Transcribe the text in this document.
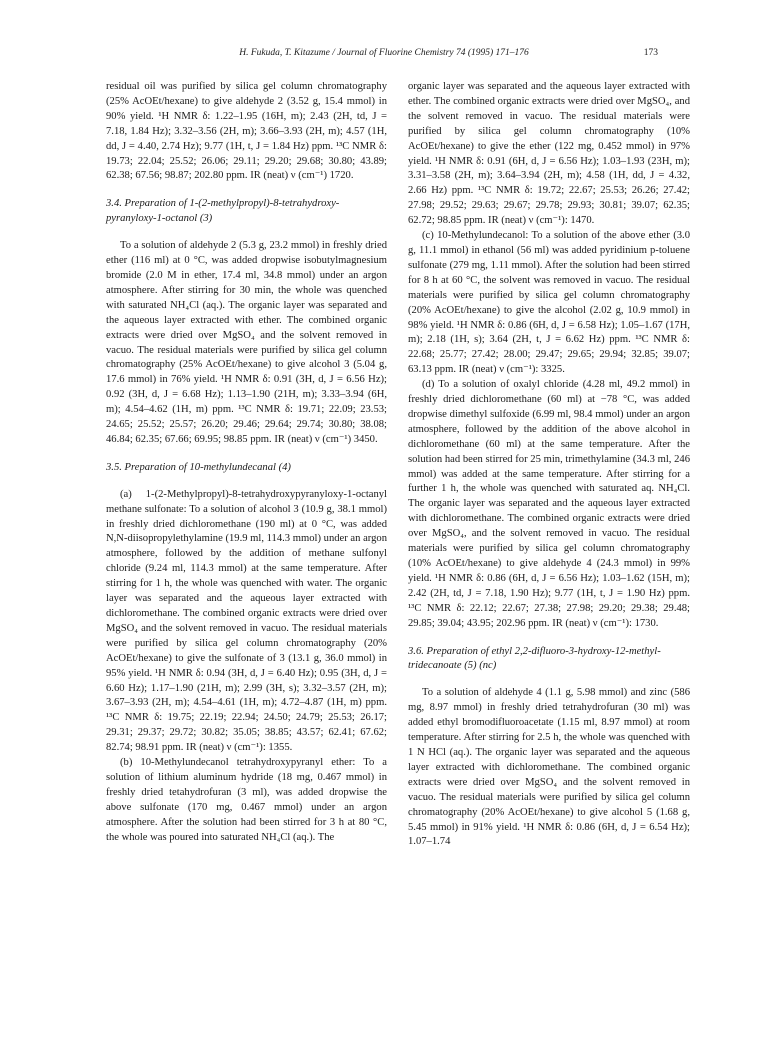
H. Fukuda, T. Kitazume / Journal of Fluorine Chemistry 74 (1995) 171–176	173

residual oil was purified by silica gel column chromatography (25% AcOEt/hexane) to give aldehyde 2 (3.52 g, 15.4 mmol) in 90% yield. ¹H NMR δ: 1.22–1.95 (16H, m); 2.43 (2H, td, J = 7.18, 1.84 Hz); 3.32–3.56 (2H, m); 3.66–3.93 (2H, m); 4.57 (1H, dd, J = 4.40, 2.74 Hz); 9.77 (1H, t, J = 1.84 Hz) ppm. ¹³C NMR δ: 19.73; 22.04; 25.52; 26.06; 29.11; 29.20; 29.68; 30.80; 43.89; 62.38; 67.56; 98.87; 202.80 ppm. IR (neat) ν (cm⁻¹) 1720.

3.4. Preparation of 1-(2-methylpropyl)-8-tetrahydroxy-pyranyloxy-1-octanol (3)

To a solution of aldehyde 2 (5.3 g, 23.2 mmol) in freshly dried ether (116 ml) at 0 °C, was added dropwise isobutylmagnesium bromide (2.0 M in ether, 17.4 ml, 34.8 mmol) under an argon atmosphere. After stirring for 30 min, the whole was quenched with saturated NH₄Cl (aq.). The organic layer was separated and the aqueous layer extracted with ether. The combined organic extracts were dried over MgSO₄ and the solvent removed in vacuo. The residual materials were purified by silica gel column chromatography (25% AcOEt/hexane) to give alcohol 3 (5.04 g, 17.6 mmol) in 76% yield. ¹H NMR δ: 0.91 (3H, d, J = 6.56 Hz); 0.92 (3H, d, J = 6.68 Hz); 1.13–1.90 (21H, m); 3.33–3.94 (6H, m); 4.54–4.62 (1H, m) ppm. ¹³C NMR δ: 19.71; 22.09; 23.53; 24.65; 25.52; 25.57; 26.20; 29.46; 29.64; 29.74; 30.80; 38.08; 46.84; 62.35; 67.66; 69.95; 98.85 ppm. IR (neat) ν (cm⁻¹) 3450.

3.5. Preparation of 10-methylundecanal (4)

(a) 1-(2-Methylpropyl)-8-tetrahydroxypyranyloxy-1-octanyl methane sulfonate: To a solution of alcohol 3 (10.9 g, 38.1 mmol) in freshly dried dichloromethane (190 ml) at 0 °C, was added N,N-diisopropylethylamine (19.9 ml, 114.3 mmol) under an argon atmosphere, followed by the addition of methane sulfonyl chloride (9.24 ml, 114.3 mmol) at the same temperature. After stirring for 1 h, the whole was quenched with water. The organic layer was separated and the aqueous layer extracted with dichloromethane. The combined organic extracts were dried over MgSO₄ and the solvent removed in vacuo. The residual materials were purified by silica gel column chromatography (20% AcOEt/hexane) to give the sulfonate of 3 (13.1 g, 36.0 mmol) in 95% yield. ¹H NMR δ: 0.94 (3H, d, J = 6.40 Hz); 0.95 (3H, d, J = 6.60 Hz); 1.17–1.90 (21H, m); 2.99 (3H, s); 3.32–3.57 (2H, m); 3.67–3.93 (2H, m); 4.54–4.61 (1H, m); 4.72–4.87 (1H, m) ppm. ¹³C NMR δ: 19.75; 22.19; 22.94; 24.50; 24.79; 25.53; 26.17; 29.31; 29.37; 29.72; 30.82; 35.05; 38.85; 43.57; 62.41; 67.62; 82.74; 98.91 ppm. IR (neat) ν (cm⁻¹): 1355.

(b) 10-Methylundecanol tetrahydroxypyranyl ether: To a solution of lithium aluminum hydride (18 mg, 0.467 mmol) in freshly dried tetahydrofuran (3 ml), was added dropwise the above sulfonate (170 mg, 0.467 mmol) under an argon atmosphere. After the solution had been stirred for 3 h at 80 °C, the whole was poured into saturated NH₄Cl (aq.). The

organic layer was separated and the aqueous layer extracted with ether. The combined organic extracts were dried over MgSO₄, and the solvent removed in vacuo. The residual materials were purified by silica gel column chromatography (10% AcOEt/hexane) to give the ether (122 mg, 0.452 mmol) in 97% yield. ¹H NMR δ: 0.91 (6H, d, J = 6.56 Hz); 1.03–1.93 (23H, m); 3.31–3.58 (2H, m); 3.64–3.94 (2H, m); 4.58 (1H, dd, J = 4.32, 2.66 Hz) ppm. ¹³C NMR δ: 19.72; 22.67; 25.53; 26.26; 27.42; 27.98; 29.52; 29.63; 29.67; 29.78; 29.93; 30.81; 39.07; 62.35; 62.72; 98.85 ppm. IR (neat) ν (cm⁻¹): 1470.

(c) 10-Methylundecanol: To a solution of the above ether (3.0 g, 11.1 mmol) in ethanol (56 ml) was added pyridinium p-toluene sulfonate (279 mg, 1.11 mmol). After the solution had been stirred for 8 h at 60 °C, the solvent was removed in vacuo. The residual materials were purified by silica gel column chromatography (20% AcOEt/hexane) to give the alcohol (2.02 g, 10.9 mmol) in 98% yield. ¹H NMR δ: 0.86 (6H, d, J = 6.58 Hz); 1.05–1.67 (17H, m); 2.18 (1H, s); 3.64 (2H, t, J = 6.62 Hz) ppm. ¹³C NMR δ: 22.68; 25.77; 27.42; 28.00; 29.47; 29.65; 29.94; 32.85; 39.07; 63.13 ppm. IR (neat) ν (cm⁻¹): 3325.

(d) To a solution of oxalyl chloride (4.28 ml, 49.2 mmol) in freshly dried dichloromethane (60 ml) at −78 °C, was added dropwise dimethyl sulfoxide (6.99 ml, 98.4 mmol) under an argon atmosphere, followed by the addition of the above alcohol in dichloromethane (60 ml) at the same temperature. After the solution had been stirred for 25 min, trimethylamine (34.3 ml, 246 mmol) was added at the same temperature. After stirring for a further 1 h, the whole was quenched with saturated aq. NH₄Cl. The organic layer was separated and the aqueous layer extracted with dichloromethane. The combined organic extracts were dried over MgSO₄, and the solvent removed in vacuo. The residual materials were purified by silica gel column chromatography (10% AcOEt/hexane) to give aldehyde 4 (24.3 mmol) in 99% yield. ¹H NMR δ: 0.86 (6H, d, J = 6.56 Hz); 1.03–1.62 (15H, m); 2.42 (2H, td, J = 7.18, 1.90 Hz); 9.77 (1H, t, J = 1.90 Hz) ppm. ¹³C NMR δ: 22.12; 22.67; 27.38; 27.98; 29.20; 29.38; 29.48; 29.85; 39.04; 43.95; 202.96 ppm. IR (neat) ν (cm⁻¹): 1730.

3.6. Preparation of ethyl 2,2-difluoro-3-hydroxy-12-methyl-tridecanoate (5) (nc)

To a solution of aldehyde 4 (1.1 g, 5.98 mmol) and zinc (586 mg, 8.97 mmol) in freshly dried tetrahydrofuran (30 ml) was added ethyl bromodifluoroacetate (1.15 ml, 8.97 mmol) at room temperature. After stirring for 2.5 h, the whole was quenched with 1 N HCl (aq.). The organic layer was separated and the aqueous layer extracted with dichloromethane. The combined organic extracts were dried over MgSO₄ and the solvent removed in vacuo. The residual materials were purified by silica gel column chromatography (20% AcOEt/hexane) to give alcohol 5 (1.68 g, 5.45 mmol) in 91% yield. ¹H NMR δ: 0.86 (6H, d, J = 6.54 Hz); 1.07–1.74
